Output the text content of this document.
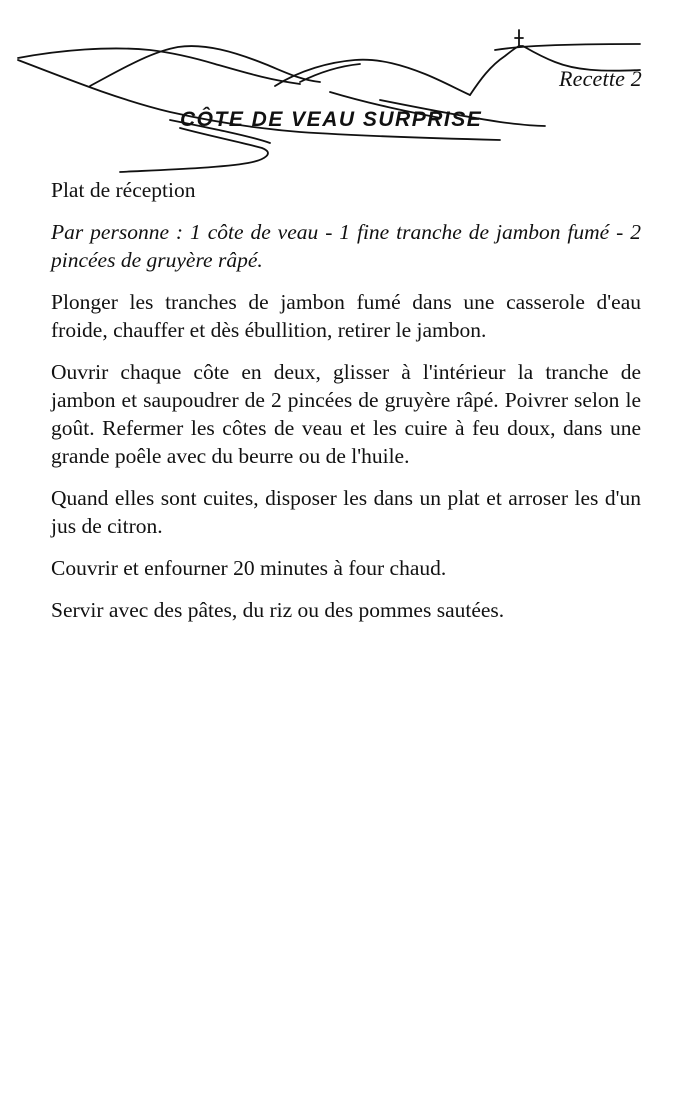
Recette 2
CÔTE DE VEAU SURPRISE

Plat de réception

Par personne : 1 côte de veau - 1 fine tranche de jambon fumé - 2 pincées de gruyère râpé.

Plonger les tranches de jambon fumé dans une casserole d'eau froide, chauffer et dès ébullition, retirer le jambon.

Ouvrir chaque côte en deux, glisser à l'intérieur la tranche de jambon et saupoudrer de 2 pincées de gruyère râpé. Poivrer selon le goût. Refermer les côtes de veau et les cuire à feu doux, dans une grande poêle avec du beurre ou de l'huile.

Quand elles sont cuites, disposer les dans un plat et arroser les d'un jus de citron.

Couvrir et enfourner 20 minutes à four chaud.

Servir avec des pâtes, du riz ou des pommes sautées.
